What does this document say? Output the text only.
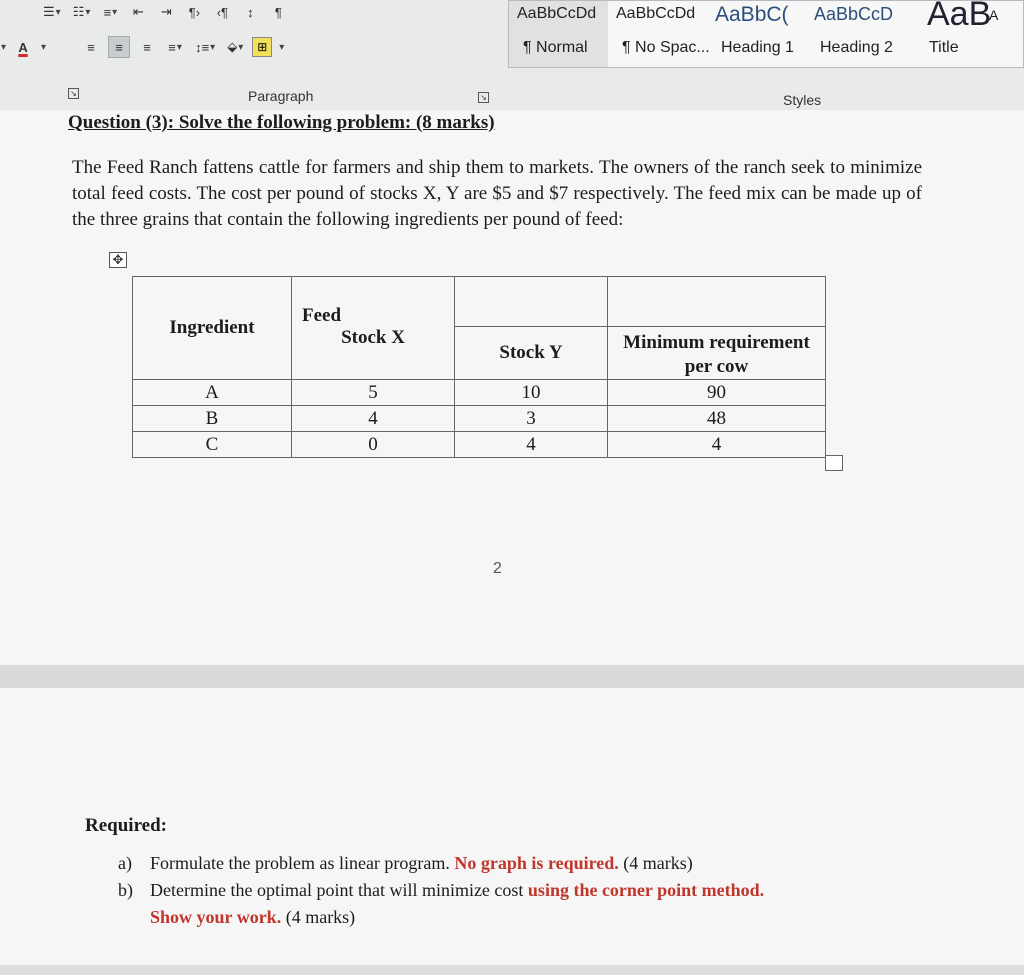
☰ ▾ ☷ ▾	≡ ▾	⇤	⇥	¶›	‹¶	↕	¶
▾ A	▾	≡	≡	≡	≡ ▾ ↕≡ ▾ ⬙ ▾	⊞	▾
↘	Paragraph	↘	Styles
AaBbCcDd
¶ Normal
AaBbCcDd
¶ No Spac...
AaBbC(
Heading 1
AaBbCcD
Heading 2
AaB
Title
A
Question (3): Solve the following problem: (8 marks)
The Feed Ranch fattens cattle for farmers and ship them to markets. The owners of the ranch seek to minimize total feed costs. The cost per pound of stocks X, Y are $5 and $7 respectively. The feed mix can be made up of the three grains that contain the following ingredients per pound of feed:
✥
Ingredient	Feed		
	Stock X	Stock Y	Minimum requirement per cow
A	5	10	90
B	4	3	48
C	0	4	4
2
Required:
a) Formulate the problem as linear program. No graph is required. (4 marks)
b) Determine the optimal point that will minimize cost using the corner point method.
Show your work. (4 marks)
